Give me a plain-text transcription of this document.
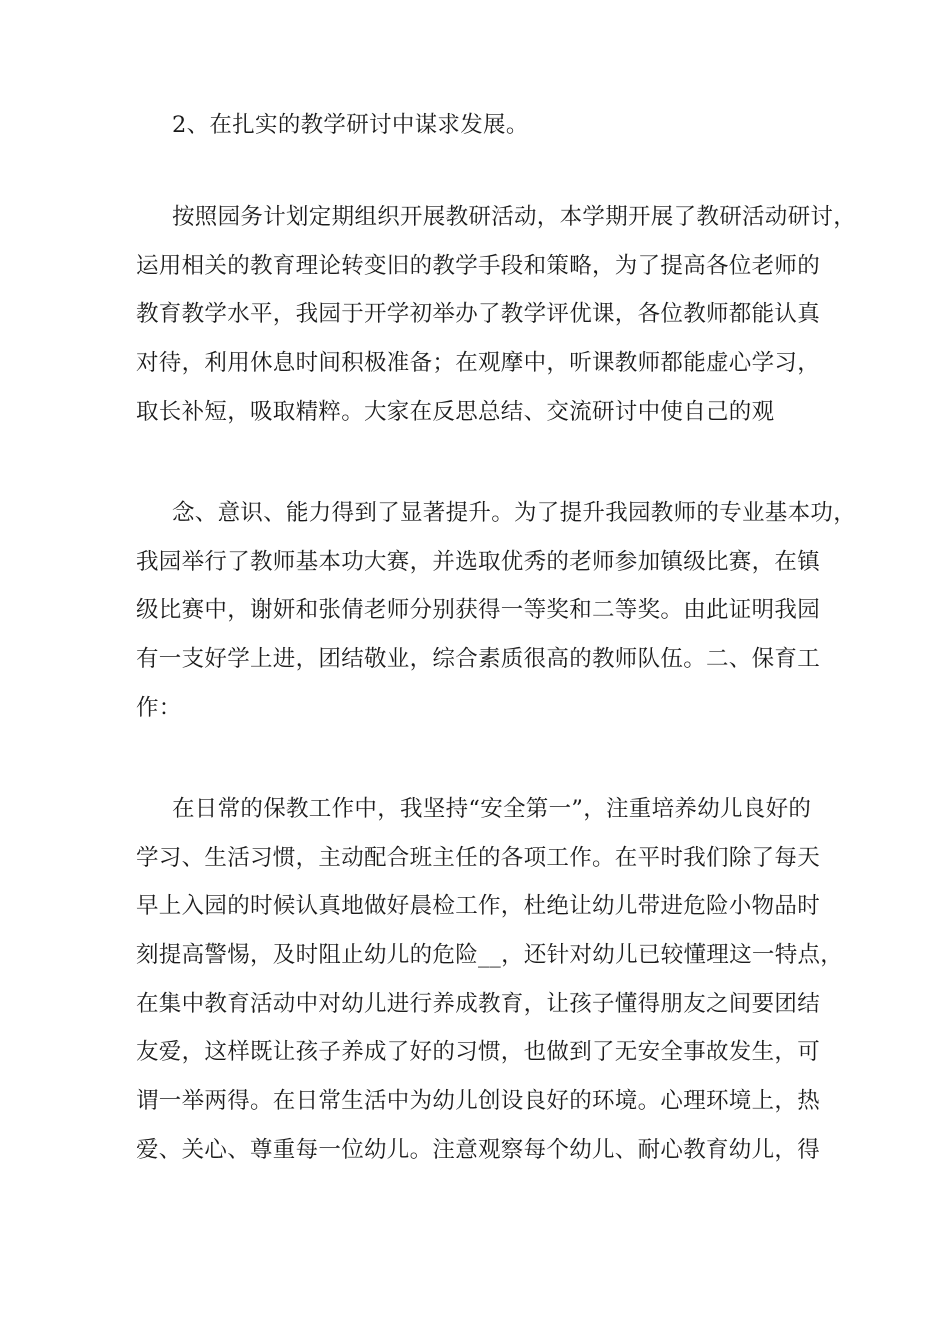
2、在扎实的教学研讨中谋求发展。
按照园务计划定期组织开展教研活动，本学期开展了教研活动研讨，
运用相关的教育理论转变旧的教学手段和策略，为了提高各位老师的
教育教学水平，我园于开学初举办了教学评优课，各位教师都能认真
对待，利用休息时间积极准备；在观摩中，听课教师都能虚心学习，
取长补短，吸取精粹。大家在反思总结、交流研讨中使自己的观
念、意识、能力得到了显著提升。为了提升我园教师的专业基本功，
我园举行了教师基本功大赛，并选取优秀的老师参加镇级比赛，在镇
级比赛中，谢妍和张倩老师分别获得一等奖和二等奖。由此证明我园
有一支好学上进，团结敬业，综合素质很高的教师队伍。二、保育工
作：
在日常的保教工作中，我坚持“安全第一”，注重培养幼儿良好的
学习、生活习惯，主动配合班主任的各项工作。在平时我们除了每天
早上入园的时候认真地做好晨检工作，杜绝让幼儿带进危险小物品时
刻提高警惕，及时阻止幼儿的危险__，还针对幼儿已较懂理这一特点，
在集中教育活动中对幼儿进行养成教育，让孩子懂得朋友之间要团结
友爱，这样既让孩子养成了好的习惯，也做到了无安全事故发生，可
谓一举两得。在日常生活中为幼儿创设良好的环境。心理环境上，热
爱、关心、尊重每一位幼儿。注意观察每个幼儿、耐心教育幼儿，得
